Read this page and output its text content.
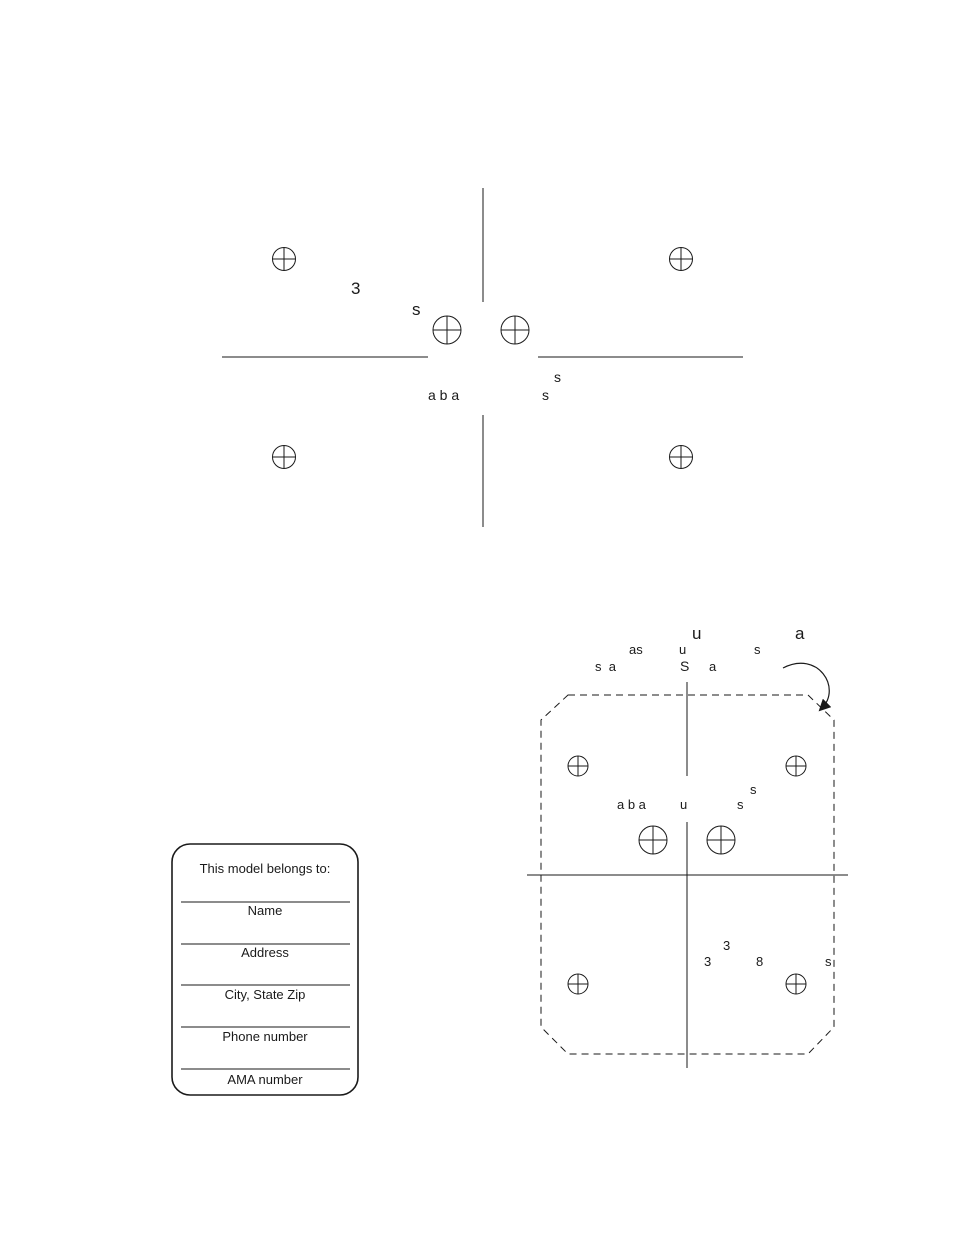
3
s
a b a
s
s
u	a
as	u	s
s  a	S a
s
a b a	u	s
3
3	8	s
This model belongs to:
Name
Address
City, State Zip
Phone number
AMA number
